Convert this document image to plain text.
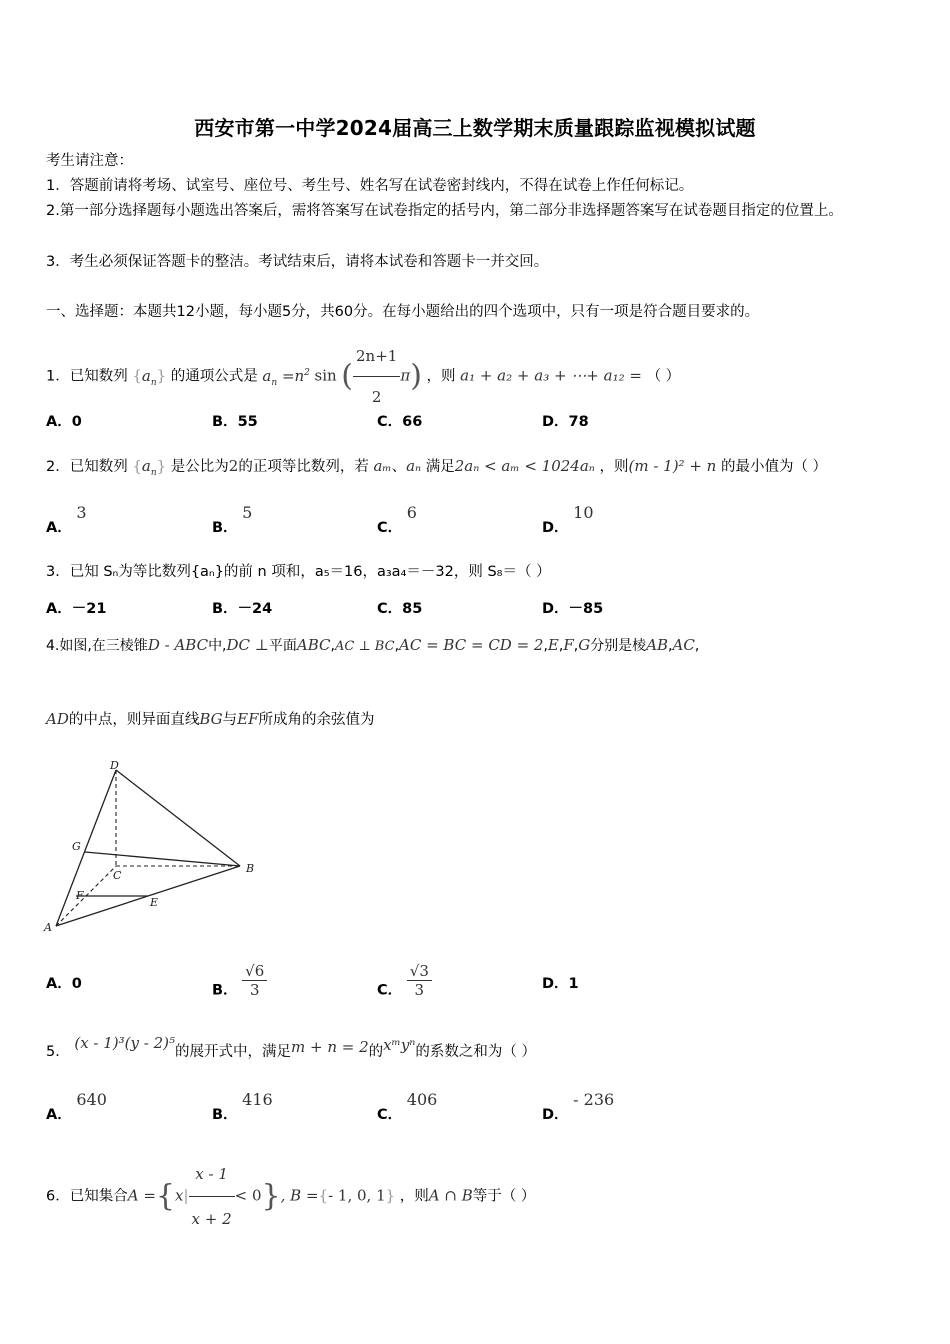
西安市第一中学2024届高三上数学期末质量跟踪监视模拟试题
考生请注意：
1．答题前请将考场、试室号、座位号、考生号、姓名写在试卷密封线内，不得在试卷上作任何标记。
2.第一部分选择题每小题选出答案后，需将答案写在试卷指定的括号内，第二部分非选择题答案写在试卷题目指定的位置上。
3．考生必须保证答题卡的整洁。考试结束后，请将本试卷和答题卡一并交回。
一、选择题：本题共12小题，每小题5分，共60分。在每小题给出的四个选项中，只有一项是符合题目要求的。
1．已知数列 $\{a_n\}$ 的通项公式是 $a_n =n^2$ sin ( $\frac{2n+1}{2} \pi$) ，则 a₁ + a₂ + a₃ + ⋯+ a₁₂ = （ ）
A．0	B．55	C．66	D．78
2．已知数列 $\{a_n\}$ 是公比为2的正项等比数列，若 aₘ、aₙ 满足2aₙ < aₘ < 1024aₙ ，则(m - 1)² + n 的最小值为（ ）
A． 3
B． 5
C． 6
D． 10
3．已知 Sₙ为等比数列{aₙ}的前 n 项和，a₅＝16，a₃a₄＝－32，则 S₈＝（ ）
A．－21	B．－24	C．85	D．－85
4.如图,在三棱锥D - ABC中,DC ⊥平面ABC,AC ⊥ BC,AC = BC = CD = 2,E,F,G分别是棱AB,AC,
AD的中点，则异面直线BG与EF所成角的余弦值为
D
G
C
B
F
E
A
A．0	B． $\frac{√6}{3}$	C． $\frac{√3}{3}$	D．1
5． (x - 1)³(y - 2)⁵的展开式中，满足m + n = 2的xᵐyⁿ的系数之和为（ ）
A． 640
B． 416
C． 406
D． - 236
6．已知集合$A =\{x| \frac{x - 1}{x + 2} < 0\}$, B ={- 1, 0, 1} ，则A ∩ B等于（ ）
